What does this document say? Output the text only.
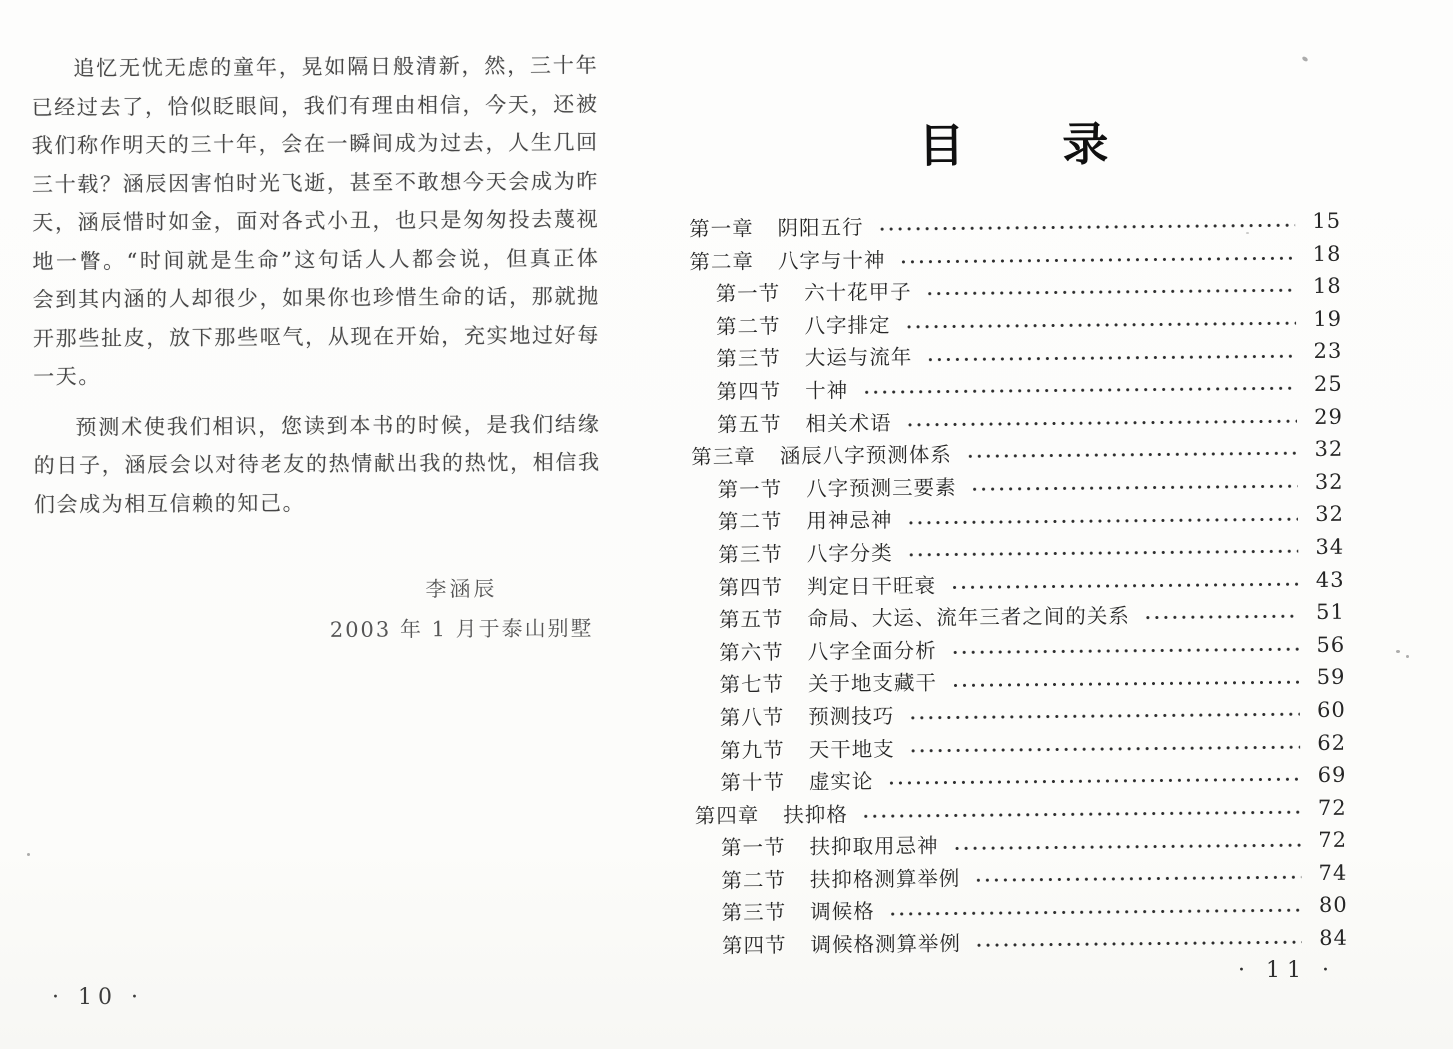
追忆无忧无虑的童年，晃如隔日般清新，然，三十年已经过去了，恰似眨眼间，我们有理由相信，今天，还被我们称作明天的三十年，会在一瞬间成为过去，人生几回三十载？涵辰因害怕时光飞逝，甚至不敢想今天会成为昨天，涵辰惜时如金，面对各式小丑，也只是匆匆投去蔑视地一瞥。“时间就是生命”这句话人人都会说，但真正体会到其内涵的人却很少，如果你也珍惜生命的话，那就抛开那些扯皮，放下那些呕气，从现在开始，充实地过好每一天。

预测术使我们相识，您读到本书的时候，是我们结缘的日子，涵辰会以对待老友的热情献出我的热忱，相信我们会成为相互信赖的知己。

李涵辰
2003 年 1 月于泰山别墅
· 10 ·
目　　录
第一章 阴阳五行	15
第二章 八字与十神	18
第一节 六十花甲子	18
第二节 八字排定	19
第三节 大运与流年	23
第四节 十神	25
第五节 相关术语	29
第三章 涵辰八字预测体系	32
第一节 八字预测三要素	32
第二节 用神忌神	32
第三节 八字分类	34
第四节 判定日干旺衰	43
第五节 命局、大运、流年三者之间的关系	51
第六节 八字全面分析	56
第七节 关于地支藏干	59
第八节 预测技巧	60
第九节 天干地支	62
第十节 虚实论	69
第四章 扶抑格	72
第一节 扶抑取用忌神	72
第二节 扶抑格测算举例	74
第三节 调候格	80
第四节 调候格测算举例	84
· 11 ·
